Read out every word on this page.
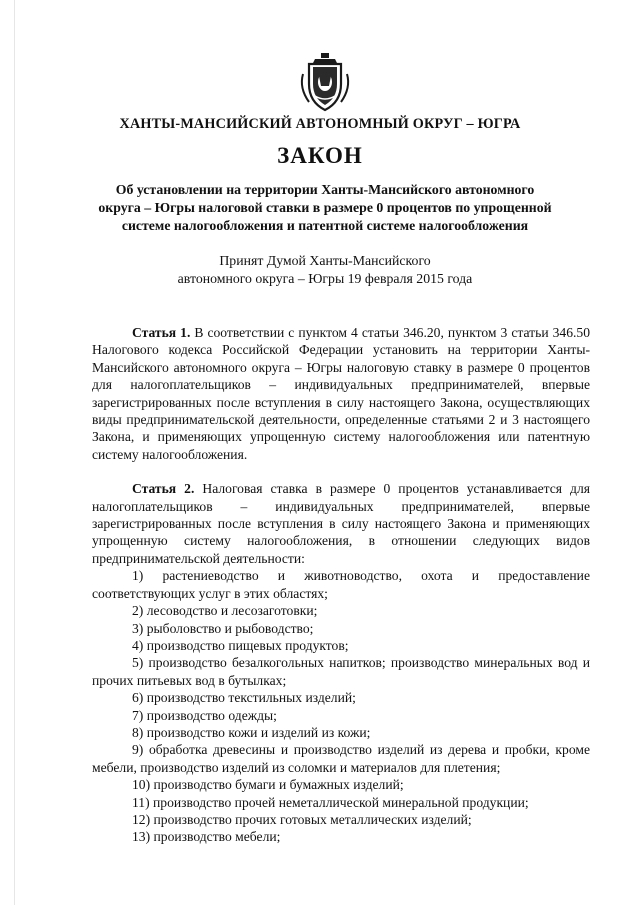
ХАНТЫ-МАНСИЙСКИЙ АВТОНОМНЫЙ ОКРУГ – ЮГРА
ЗАКОН
Об установлении на территории Ханты-Мансийского автономного
округа – Югры налоговой ставки в размере 0 процентов по упрощенной
системе налогообложения и патентной системе налогообложения
Принят Думой Ханты-Мансийского
автономного округа – Югры 19 февраля 2015 года

Статья 1. В соответствии с пунктом 4 статьи 346.20, пунктом 3 статьи 346.50 Налогового кодекса Российской Федерации установить на территории Ханты-Мансийского автономного округа – Югры налоговую ставку в размере 0 процентов для налогоплательщиков – индивидуальных предпринимателей, впервые зарегистрированных после вступления в силу настоящего Закона, осуществляющих виды предпринимательской деятельности, определенные статьями 2 и 3 настоящего Закона, и применяющих упрощенную систему налогообложения или патентную систему налогообложения.

Статья 2. Налоговая ставка в размере 0 процентов устанавливается для налогоплательщиков – индивидуальных предпринимателей, впервые зарегистрированных после вступления в силу настоящего Закона и применяющих упрощенную систему налогообложения, в отношении следующих видов предпринимательской деятельности:

1) растениеводство и животноводство, охота и предоставление соответствующих услуг в этих областях;

2) лесоводство и лесозаготовки;

3) рыболовство и рыбоводство;

4) производство пищевых продуктов;

5) производство безалкогольных напитков; производство минеральных вод и прочих питьевых вод в бутылках;

6) производство текстильных изделий;

7) производство одежды;

8) производство кожи и изделий из кожи;

9) обработка древесины и производство изделий из дерева и пробки, кроме мебели, производство изделий из соломки и материалов для плетения;

10) производство бумаги и бумажных изделий;

11) производство прочей неметаллической минеральной продукции;

12) производство прочих готовых металлических изделий;

13) производство мебели;
